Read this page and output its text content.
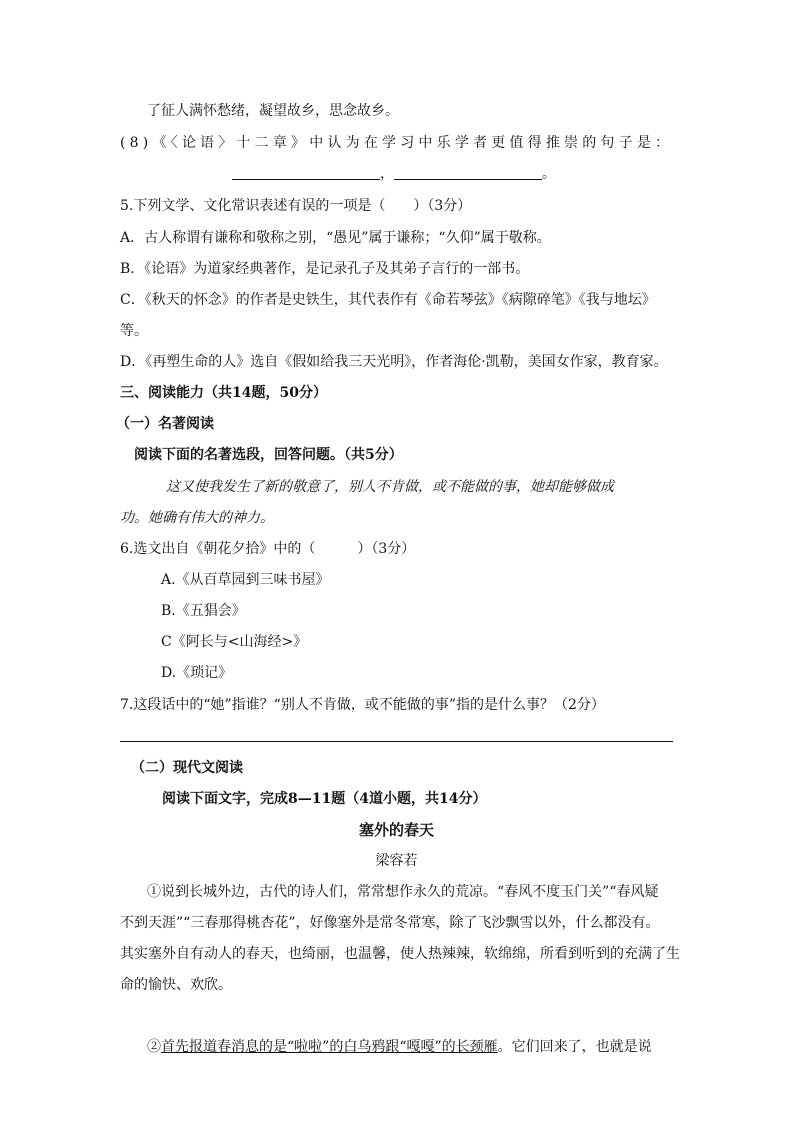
了征人满怀愁绪，凝望故乡，思念故乡。
(8)《〈论语〉十二章》中认为在学习中乐学者更值得推崇的句子是：
，	。
5.下列文学、文化常识表述有误的一项是（　　）（3分）
A．古人称谓有谦称和敬称之别，“愚见”属于谦称；“久仰”属于敬称。
B．《论语》为道家经典著作，是记录孔子及其弟子言行的一部书。
C．《秋天的怀念》的作者是史铁生，其代表作有《命若琴弦》《病隙碎笔》《我与地坛》
等。
D．《再塑生命的人》选自《假如给我三天光明》，作者海伦·凯勒，美国女作家，教育家。
三、阅读能力（共14题，50分）
（一）名著阅读
阅读下面的名著选段，回答问题。（共5分）
这又使我发生了新的敬意了，别人不肯做，或不能做的事，她却能够做成
功。她确有伟大的神力。
6.选文出自《朝花夕拾》中的（　　　）（3分）
A.《从百草园到三味书屋》
B.《五猖会》
C《阿长与<山海经>》
D.《琐记》
7.这段话中的“她”指谁？“别人不肯做，或不能做的事”指的是什么事？（2分）
（二）现代文阅读
阅读下面文字，完成8—11题（4道小题，共14分）
塞外的春天
梁容若
①说到长城外边，古代的诗人们，常常想作永久的荒凉。“春风不度玉门关”“春风疑
不到天涯”“三春那得桃杏花”，好像塞外是常冬常寒，除了飞沙飘雪以外，什么都没有。
其实塞外自有动人的春天，也绮丽，也温馨，使人热辣辣，软绵绵，所看到听到的充满了生
命的愉快、欢欣。
②首先报道春消息的是“啦啦”的白乌鸦跟“嘎嘎”的长颈雁。它们回来了，也就是说
